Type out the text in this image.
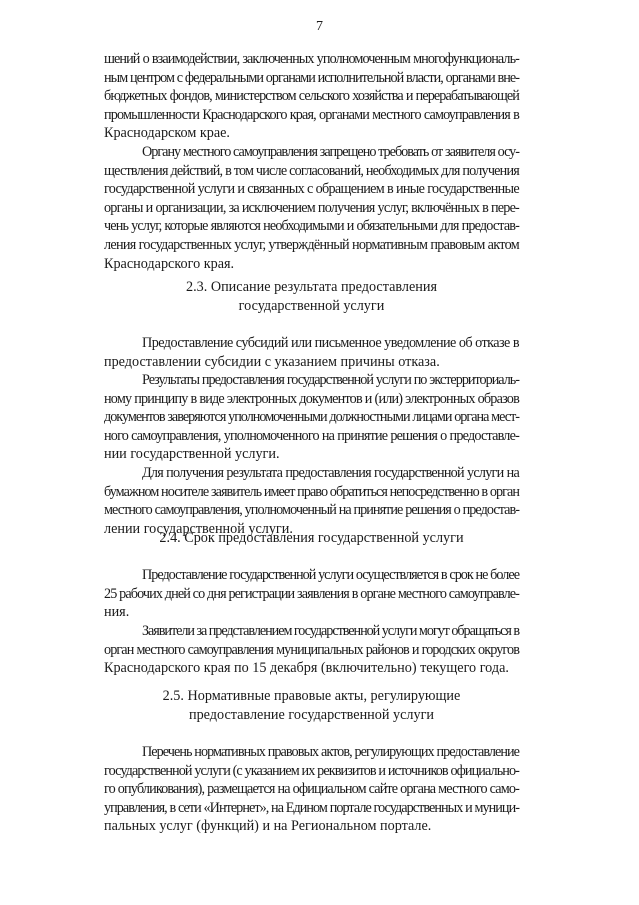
7
шений о взаимодействии, заключенных уполномоченным многофункциональ-
ным центром с федеральными органами исполнительной власти, органами вне-
бюджетных фондов, министерством сельского хозяйства и перерабатывающей
промышленности Краснодарского края, органами местного самоуправления в
Краснодарском крае.
Органу местного самоуправления запрещено требовать от заявителя осу-
ществления действий, в том числе согласований, необходимых для получения
государственной услуги и связанных с обращением в иные государственные
органы и организации, за исключением получения услуг, включённых в пере-
чень услуг, которые являются необходимыми и обязательными для предостав-
ления государственных услуг, утверждённый нормативным правовым актом
Краснодарского края.
2.3. Описание результата предоставления
государственной услуги
Предоставление субсидий или письменное уведомление об отказе в
предоставлении субсидии с указанием причины отказа.
Результаты предоставления государственной услуги по экстерриториаль-
ному принципу в виде электронных документов и (или) электронных образов
документов заверяются уполномоченными должностными лицами органа мест-
ного самоуправления, уполномоченного на принятие решения о предоставле-
нии государственной услуги.
Для получения результата предоставления государственной услуги на
бумажном носителе заявитель имеет право обратиться непосредственно в орган
местного самоуправления, уполномоченный на принятие решения о предостав-
лении государственной услуги.
2.4. Срок предоставления государственной услуги
Предоставление государственной услуги осуществляется в срок не более
25 рабочих дней со дня регистрации заявления в органе местного самоуправле-
ния.
Заявители за представлением государственной услуги могут обращаться в
орган местного самоуправления муниципальных районов и городских округов
Краснодарского края по 15 декабря (включительно) текущего года.
2.5. Нормативные правовые акты, регулирующие
предоставление государственной услуги
Перечень нормативных правовых актов, регулирующих предоставление
государственной услуги (с указанием их реквизитов и источников официально-
го опубликования), размещается на официальном сайте органа местного само-
управления, в сети «Интернет», на Едином портале государственных и муници-
пальных услуг (функций) и на Региональном портале.
